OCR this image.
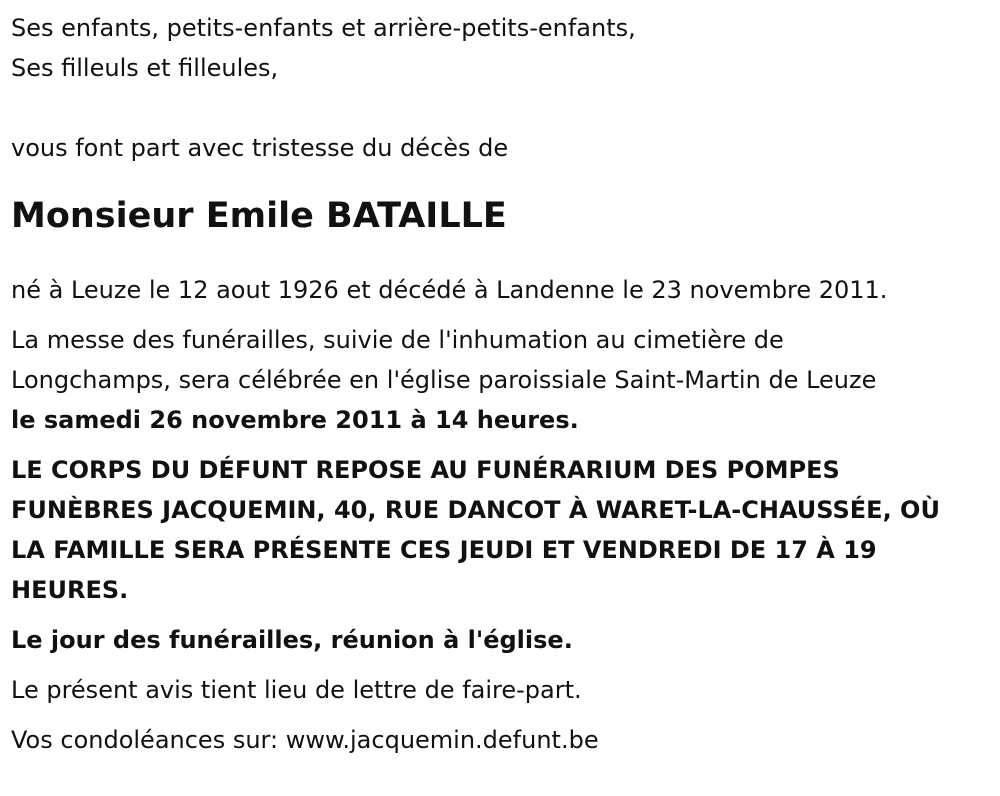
Ses enfants, petits-enfants et arrière-petits-enfants,

Ses filleuls et filleules,

vous font part avec tristesse du décès de

Monsieur Emile BATAILLE

né à Leuze le 12 aout 1926 et décédé à Landenne le 23 novembre 2011.

La messe des funérailles, suivie de l'inhumation au cimetière de

Longchamps, sera célébrée en l'église paroissiale Saint-Martin de Leuze

le samedi 26 novembre 2011 à 14 heures.

LE CORPS DU DÉFUNT REPOSE AU FUNÉRARIUM DES POMPES

FUNÈBRES JACQUEMIN, 40, RUE DANCOT À WARET-LA-CHAUSSÉE, OÙ

LA FAMILLE SERA PRÉSENTE CES JEUDI ET VENDREDI DE 17 À 19

HEURES.

Le jour des funérailles, réunion à l'église.

Le présent avis tient lieu de lettre de faire-part.

Vos condoléances sur: www.jacquemin.defunt.be
